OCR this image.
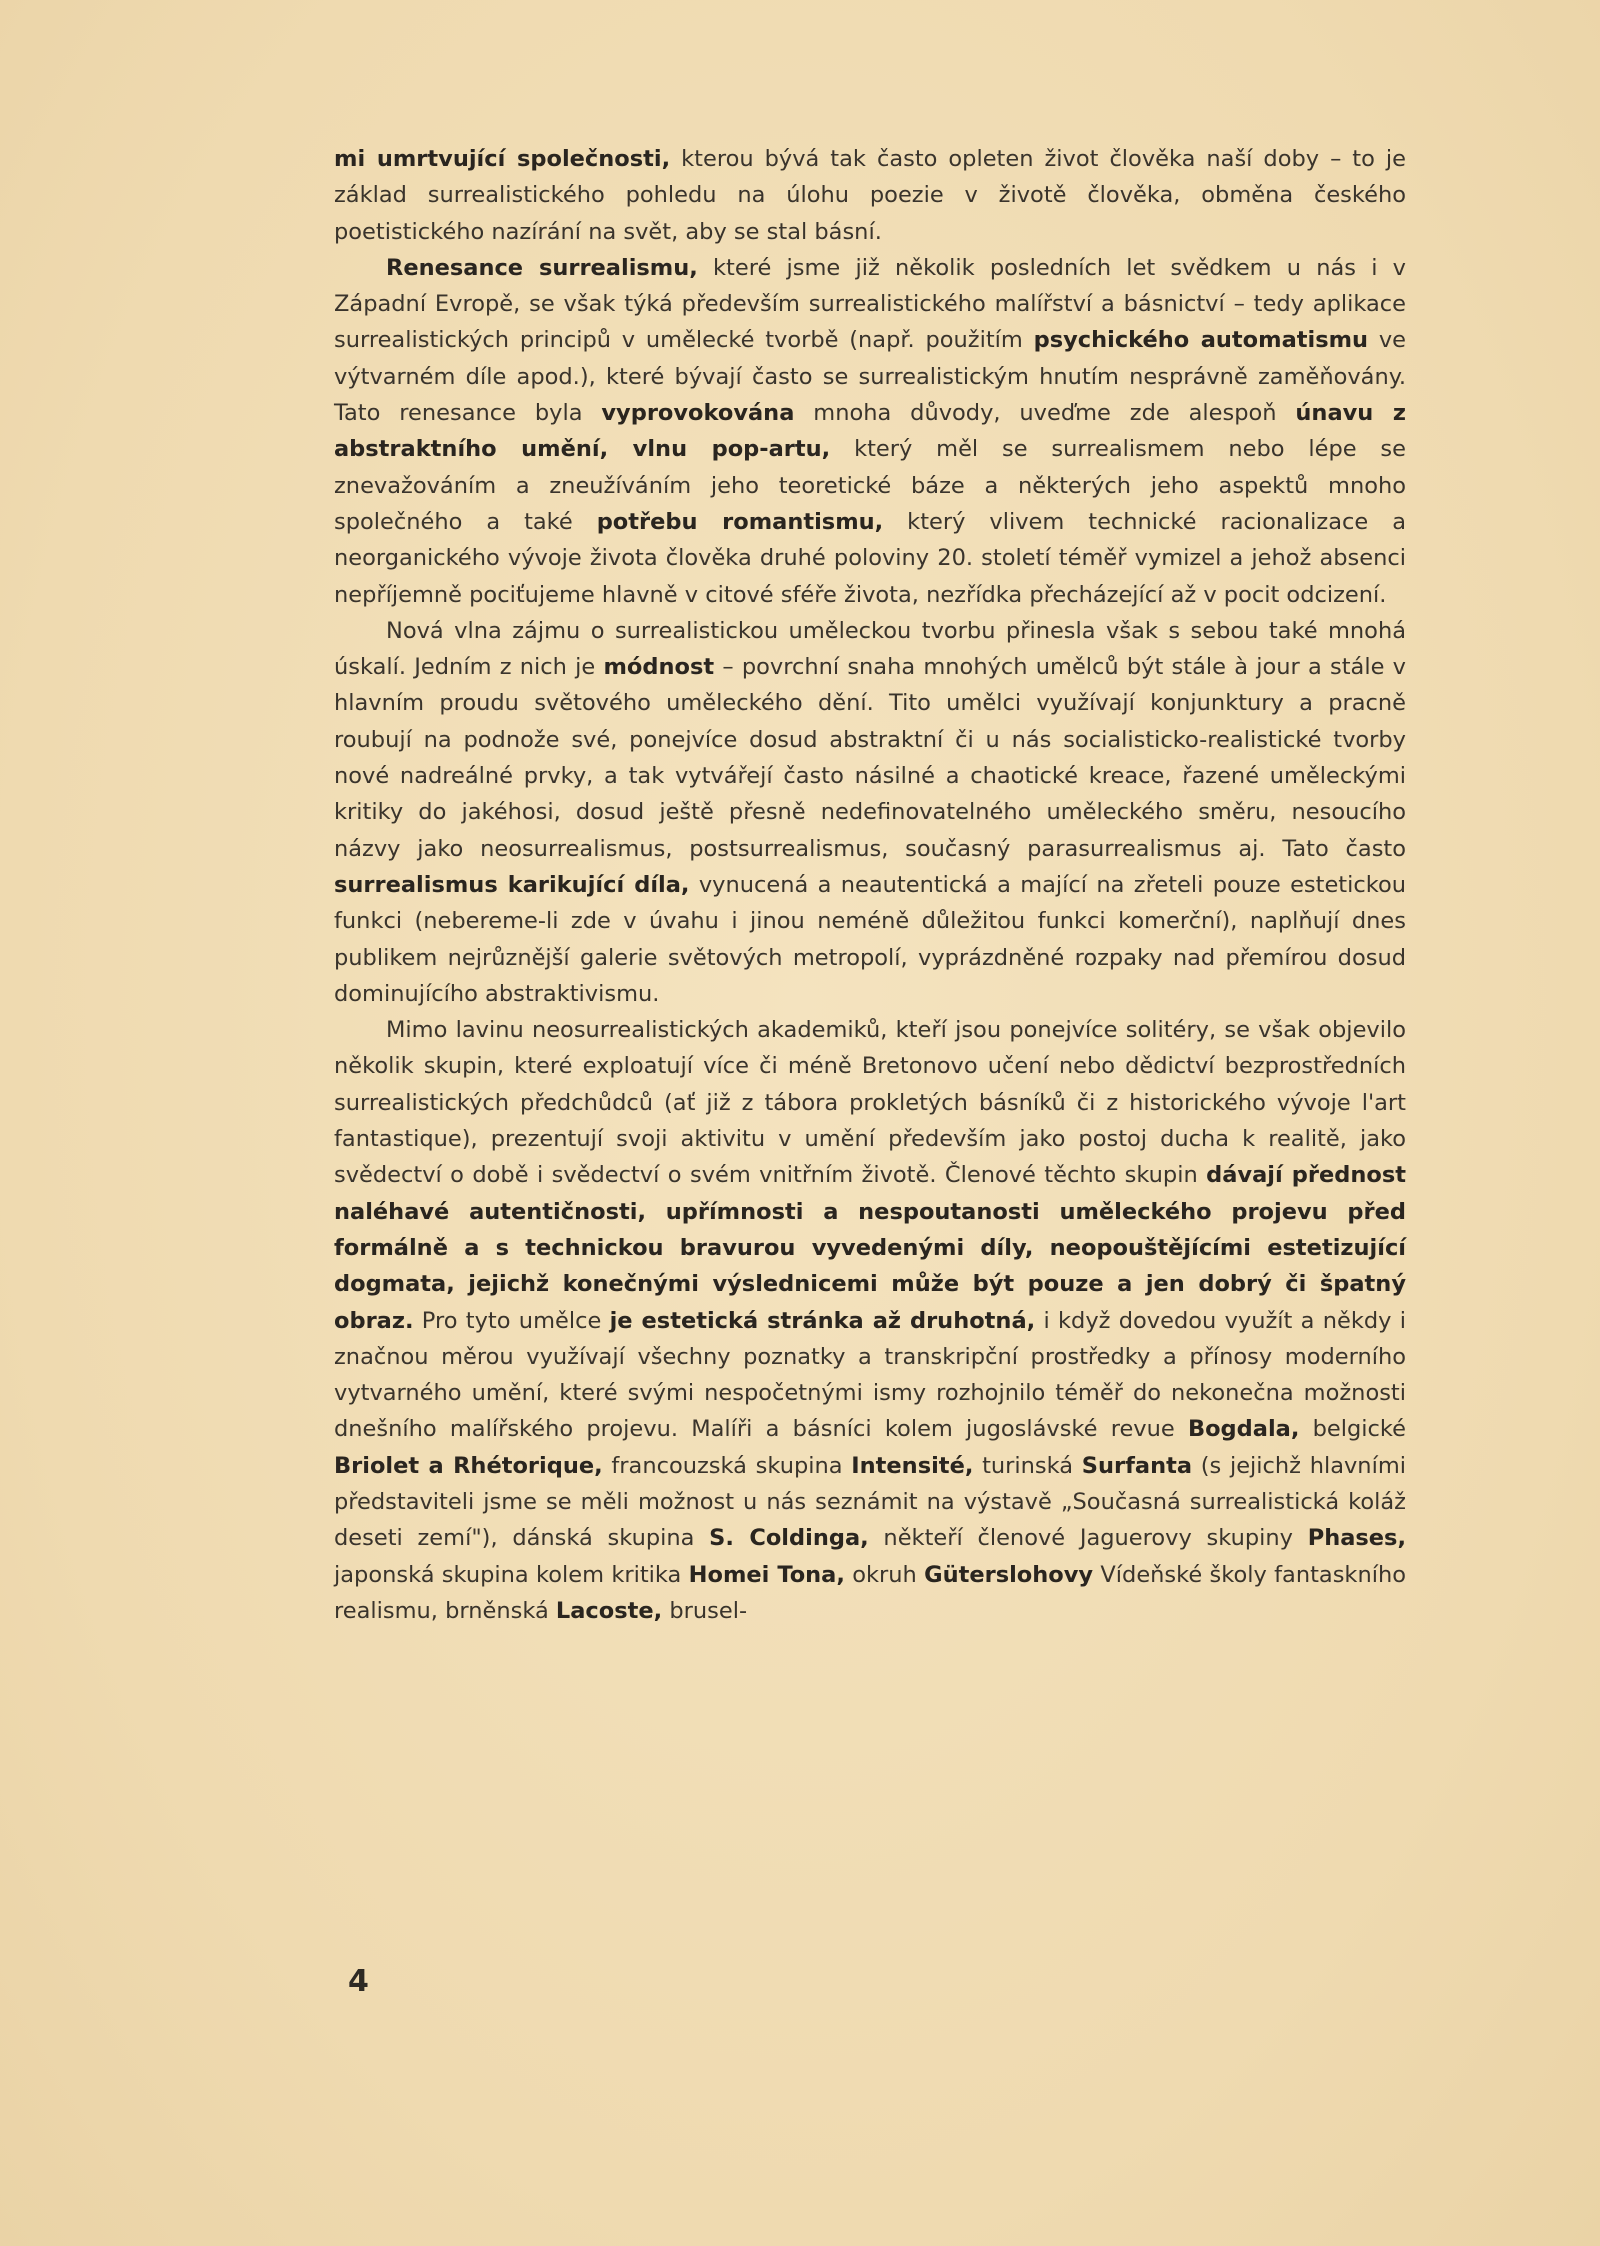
mi umrtvující společnosti, kterou bývá tak často opleten život člověka naší doby – to je základ surrealistického pohledu na úlohu poezie v životě člověka, obměna českého poetistického nazírání na svět, aby se stal básní.

Renesance surrealismu, které jsme již několik posledních let svědkem u nás i v Západní Evropě, se však týká především surrealistického malířství a básnictví – tedy aplikace surrealistických principů v umělecké tvorbě (např. použitím psychického automatismu ve výtvarném díle apod.), které bývají často se surrealistickým hnutím nesprávně zaměňovány. Tato renesance byla vyprovokována mnoha důvody, uveďme zde alespoň únavu z abstraktního umění, vlnu pop-artu, který měl se surrealismem nebo lépe se znevažováním a zneužíváním jeho teoretické báze a některých jeho aspektů mnoho společného a také potřebu romantismu, který vlivem technické racionalizace a neorganického vývoje života člověka druhé poloviny 20. století téměř vymizel a jehož absenci nepříjemně pociťujeme hlavně v citové sféře života, nezřídka přecházející až v pocit odcizení.

Nová vlna zájmu o surrealistickou uměleckou tvorbu přinesla však s sebou také mnohá úskalí. Jedním z nich je módnost – povrchní snaha mnohých umělců být stále à jour a stále v hlavním proudu světového uměleckého dění. Tito umělci využívají konjunktury a pracně roubují na podnože své, ponejvíce dosud abstraktní či u nás socialisticko-realistické tvorby nové nadreálné prvky, a tak vytvářejí často násilné a chaotické kreace, řazené uměleckými kritiky do jakéhosi, dosud ještě přesně nedefinovatelného uměleckého směru, nesoucího názvy jako neosurrealismus, postsurrealismus, současný parasurrealismus aj. Tato často surrealismus karikující díla, vynucená a neautentická a mající na zřeteli pouze estetickou funkci (nebereme-li zde v úvahu i jinou neméně důležitou funkci komerční), naplňují dnes publikem nejrůznější galerie světových metropolí, vyprázdněné rozpaky nad přemírou dosud dominujícího abstraktivismu.

Mimo lavinu neosurrealistických akademiků, kteří jsou ponejvíce solitéry, se však objevilo několik skupin, které exploatují více či méně Bretonovo učení nebo dědictví bezprostředních surrealistických předchůdců (ať již z tábora prokletých básníků či z historického vývoje l'art fantastique), prezentují svoji aktivitu v umění především jako postoj ducha k realitě, jako svědectví o době i svědectví o svém vnitřním životě. Členové těchto skupin dávají přednost naléhavé autentičnosti, upřímnosti a nespoutanosti uměleckého projevu před formálně a s technickou bravurou vyvedenými díly, neopouštějícími estetizující dogmata, jejichž konečnými výslednicemi může být pouze a jen dobrý či špatný obraz. Pro tyto umělce je estetická stránka až druhotná, i když dovedou využít a někdy i značnou měrou využívají všechny poznatky a transkripční prostředky a přínosy moderního vytvarného umění, které svými nespočetnými ismy rozhojnilo téměř do nekonečna možnosti dnešního malířského projevu. Malíři a básníci kolem jugoslávské revue Bogdala, belgické Briolet a Rhétorique, francouzská skupina Intensité, turinská Surfanta (s jejichž hlavními představiteli jsme se měli možnost u nás seznámit na výstavě „Současná surrealistická koláž deseti zemí"), dánská skupina S. Coldinga, někteří členové Jaguerovy skupiny Phases, japonská skupina kolem kritika Homei Tona, okruh Güterslohovy Vídeňské školy fantaskního realismu, brněnská Lacoste, brusel-

4
